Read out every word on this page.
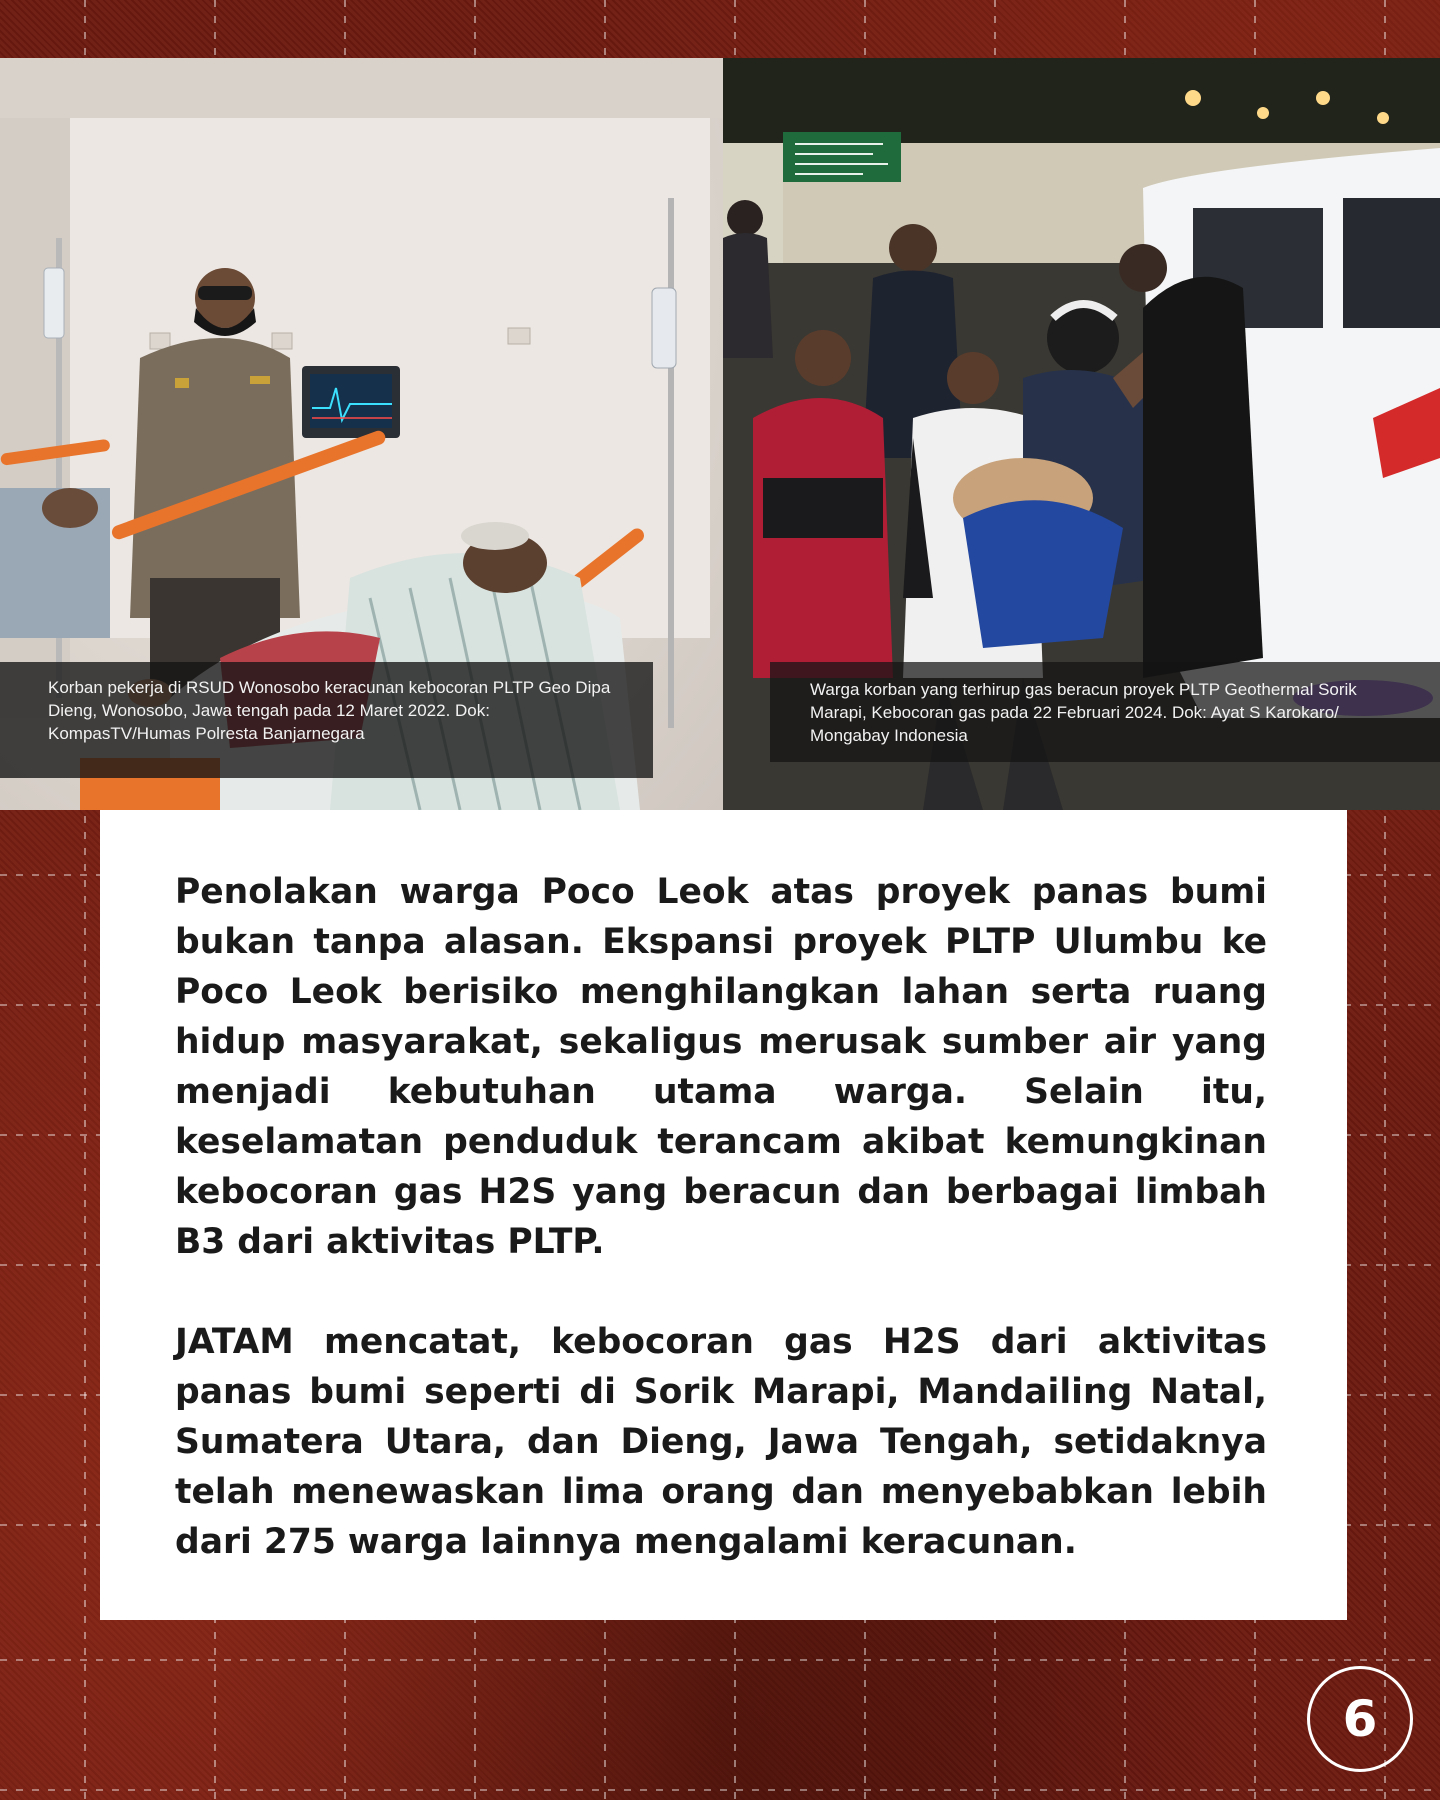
Korban pekerja di RSUD Wonosobo keracunan kebocoran PLTP Geo Dipa Dieng, Wonosobo, Jawa tengah pada 12 Maret 2022. Dok: KompasTV/Humas Polresta Banjarnegara
Warga korban yang terhirup gas beracun proyek PLTP Geothermal Sorik Marapi, Kebocoran gas pada 22 Februari 2024. Dok: Ayat S Karokaro/ Mongabay Indonesia

Penolakan warga Poco Leok atas proyek panas bumi bukan tanpa alasan. Ekspansi proyek PLTP Ulumbu ke Poco Leok berisiko menghilangkan lahan serta ruang hidup masyarakat, sekaligus merusak sumber air yang menjadi kebutuhan utama warga. Selain itu, keselamatan penduduk terancam akibat kemungkinan kebocoran gas H2S yang beracun dan berbagai limbah B3 dari aktivitas PLTP.

JATAM mencatat, kebocoran gas H2S dari aktivitas panas bumi seperti di Sorik Marapi, Mandailing Natal, Sumatera Utara, dan Dieng, Jawa Tengah, setidaknya telah menewaskan lima orang dan menyebabkan lebih dari 275 warga lainnya mengalami keracunan.

6
